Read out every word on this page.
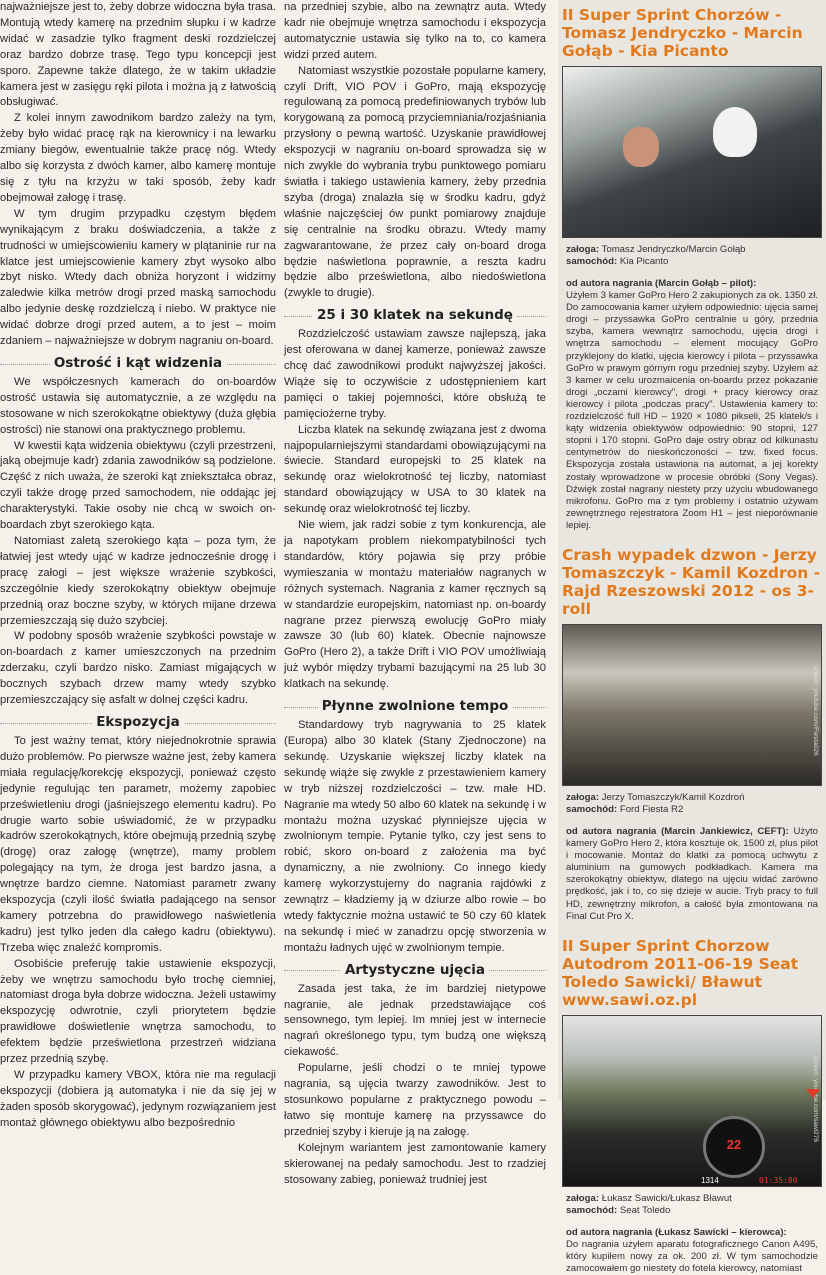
najważniejsze jest to, żeby dobrze widoczna była trasa. Montują wtedy kamerę na przednim słupku i w kadrze widać w zasadzie tylko fragment deski rozdzielczej oraz bardzo dobrze trasę. Tego typu koncepcji jest sporo. Zapewne także dlatego, że w takim układzie kamera jest w zasięgu ręki pilota i można ją z łatwością obsługiwać.

Z kolei innym zawodnikom bardzo zależy na tym, żeby było widać pracę rąk na kierownicy i na lewarku zmiany biegów, ewentualnie także pracę nóg. Wtedy albo się korzysta z dwóch kamer, albo kamerę montuje się z tyłu na krzyżu w taki sposób, żeby kadr obejmował załogę i trasę.

W tym drugim przypadku częstym błędem wynikającym z braku doświadczenia, a także z trudności w umiejscowieniu kamery w plątaninie rur na klatce jest umiejscowienie kamery zbyt wysoko albo zbyt nisko. Wtedy dach obniża horyzont i widzimy zaledwie kilka metrów drogi przed maską samochodu albo jedynie deskę rozdzielczą i niebo. W praktyce nie widać dobrze drogi przed autem, a to jest – moim zdaniem – najważniejsze w dobrym nagraniu on-board.

Ostrość i kąt widzenia

We współczesnych kamerach do on-boardów ostrość ustawia się automatycznie, a ze względu na stosowane w nich szerokokątne obiektywy (duża głębia ostrości) nie stanowi ona praktycznego problemu.

W kwestii kąta widzenia obiektywu (czyli przestrzeni, jaką obejmuje kadr) zdania zawodników są podzielone. Część z nich uważa, że szeroki kąt zniekształca obraz, czyli także drogę przed samochodem, nie oddając jej charakterystyki. Takie osoby nie chcą w swoich on-boardach zbyt szerokiego kąta.

Natomiast zaletą szerokiego kąta – poza tym, że łatwiej jest wtedy ująć w kadrze jednocześnie drogę i pracę załogi – jest większe wrażenie szybkości, szczególnie kiedy szerokokątny obiektyw obejmuje przednią oraz boczne szyby, w których mijane drzewa przemieszczają się dużo szybciej.

W podobny sposób wrażenie szybkości powstaje w on-boardach z kamer umieszczonych na przednim zderzaku, czyli bardzo nisko. Zamiast migających w bocznych szybach drzew mamy wtedy szybko przemieszczający się asfalt w dolnej części kadru.

Ekspozycja

To jest ważny temat, który niejednokrotnie sprawia dużo problemów. Po pierwsze ważne jest, żeby kamera miała regulację/korekcję ekspozycji, ponieważ często jedynie regulując ten parametr, możemy zapobiec prześwietleniu drogi (jaśniejszego elementu kadru). Po drugie warto sobie uświadomić, że w przypadku kadrów szerokokątnych, które obejmują przednią szybę (drogę) oraz załogę (wnętrze), mamy problem polegający na tym, że droga jest bardzo jasna, a wnętrze bardzo ciemne. Natomiast parametr zwany ekspozycja (czyli ilość światła padającego na sensor kamery potrzebna do prawidłowego naświetlenia kadru) jest tylko jeden dla całego kadru (obiektywu). Trzeba więc znaleźć kompromis.

Osobiście preferuję takie ustawienie ekspozycji, żeby we wnętrzu samochodu było trochę ciemniej, natomiast droga była dobrze widoczna. Jeżeli ustawimy ekspozycję odwrotnie, czyli priorytetem będzie prawidłowe doświetlenie wnętrza samochodu, to efektem będzie prześwietlona przestrzeń widziana przez przednią szybę.

W przypadku kamery VBOX, która nie ma regulacji ekspozycji (dobiera ją automatyka i nie da się jej w żaden sposób skorygować), jedynym rozwiązaniem jest montaż głównego obiektywu albo bezpośrednio

na przedniej szybie, albo na zewnątrz auta. Wtedy kadr nie obejmuje wnętrza samochodu i ekspozycja automatycznie ustawia się tylko na to, co kamera widzi przed autem.

Natomiast wszystkie pozostałe popularne kamery, czyli Drift, VIO POV i GoPro, mają ekspozycję regulowaną za pomocą predefiniowanych trybów lub korygowaną za pomocą przyciemniania/rozjaśniania przysłony o pewną wartość. Uzyskanie prawidłowej ekspozycji w nagraniu on-board sprowadza się w nich zwykle do wybrania trybu punktowego pomiaru światła i takiego ustawienia kamery, żeby przednia szyba (droga) znalazła się w środku kadru, gdyż właśnie najczęściej ów punkt pomiarowy znajduje się centralnie na środku obrazu. Wtedy mamy zagwarantowane, że przez cały on-board droga będzie naświetlona poprawnie, a reszta kadru będzie albo prześwietlona, albo niedoświetlona (zwykle to drugie).

25 i 30 klatek na sekundę

Rozdzielczość ustawiam zawsze najlepszą, jaka jest oferowana w danej kamerze, ponieważ zawsze chcę dać zawodnikowi produkt najwyższej jakości. Wiąże się to oczywiście z udostępnieniem kart pamięci o takiej pojemności, które obsłużą te pamięciożerne tryby.

Liczba klatek na sekundę związana jest z dwoma najpopularniejszymi standardami obowiązującymi na świecie. Standard europejski to 25 klatek na sekundę oraz wielokrotność tej liczby, natomiast standard obowiązujący w USA to 30 klatek na sekundę oraz wielokrotność tej liczby.

Nie wiem, jak radzi sobie z tym konkurencja, ale ja napotykam problem niekompatybilności tych standardów, który pojawia się przy próbie wymieszania w montażu materiałów nagranych w różnych systemach. Nagrania z kamer ręcznych są w standardzie europejskim, natomiast np. on-boardy nagrane przez pierwszą ewolucję GoPro miały zawsze 30 (lub 60) klatek. Obecnie najnowsze GoPro (Hero 2), a także Drift i VIO POV umożliwiają już wybór między trybami bazującymi na 25 lub 30 klatkach na sekundę.

Płynne zwolnione tempo

Standardowy tryb nagrywania to 25 klatek (Europa) albo 30 klatek (Stany Zjednoczone) na sekundę. Uzyskanie większej liczby klatek na sekundę wiąże się zwykle z przestawieniem kamery w tryb niższej rozdzielczości – tzw. małe HD. Nagranie ma wtedy 50 albo 60 klatek na sekundę i w montażu można uzyskać płynniejsze ujęcia w zwolnionym tempie. Pytanie tylko, czy jest sens to robić, skoro on-board z założenia ma być dynamiczny, a nie zwolniony. Co innego kiedy kamerę wykorzystujemy do nagrania rajdówki z zewnątrz – kładziemy ją w dziurze albo rowie – bo wtedy faktycznie można ustawić te 50 czy 60 klatek na sekundę i mieć w zanadrzu opcję stworzenia w montażu ładnych ujęć w zwolnionym tempie.

Artystyczne ujęcia

Zasada jest taka, że im bardziej nietypowe nagranie, ale jednak przedstawiające coś sensownego, tym lepiej. Im mniej jest w internecie nagrań określonego typu, tym budzą one większą ciekawość.

Popularne, jeśli chodzi o te mniej typowe nagrania, są ujęcia twarzy zawodników. Jest to stosunkowo popularne z praktycznego powodu – łatwo się montuje kamerę na przyssawce do przedniej szyby i kieruje ją na załogę.

Kolejnym wariantem jest zamontowanie kamery skierowanej na pedały samochodu. Jest to rzadziej stosowany zabieg, ponieważ trudniej jest

II Super Sprint Chorzów - Tomasz Jendryczko - Marcin Gołąb - Kia Picanto
załoga: Tomasz Jendryczko/Marcin Gołąb
samochód: Kia Picanto
od autora nagrania (Marcin Gołąb – pilot):
Użyłem 3 kamer GoPro Hero 2 zakupionych za ok. 1350 zł. Do zamocowania kamer użyłem odpowiednio: ujęcia samej drogi – przyssawka GoPro centralnie u góry, przednia szyba, kamera wewnątrz samochodu, ujęcia drogi i wnętrza samochodu – element mocujący GoPro przyklejony do klatki, ujęcia kierowcy i pilota – przyssawka GoPro w prawym górnym rogu przedniej szyby. Użyłem aż 3 kamer w celu urozmaicenia on-boardu przez pokazanie drogi „oczami kierowcy", drogi + pracy kierowcy oraz kierowcy i pilota „podczas pracy". Ustawienia kamery to: rozdzielczość full HD – 1920 × 1080 pikseli, 25 klatek/s i kąty widzenia obiektywów odpowiednio: 90 stopni, 127 stopni i 170 stopni. GoPro daje ostry obraz od kilkunastu centymetrów do nieskończoności – tzw. fixed focus. Ekspozycja została ustawiona na automat, a jej korekty zostały wprowadzone w procesie obróbki (Sony Vegas). Dźwięk został nagrany niestety przy użyciu wbudowanego mikrofonu. GoPro ma z tym problemy i ostatnio używam zewnętrznego rejestratora Zoom H1 – jest nieporównanie lepiej.
Crash wypadek dzwon - Jerzy Tomaszczyk - Kamil Kozdron - Rajd Rzeszowski 2012 - os 3- roll
screen: youtube.com/Fiesta026
załoga: Jerzy Tomaszczyk/Kamil Kozdroń
samochód: Ford Fiesta R2
od autora nagrania (Marcin Jankiewicz, CEFT): Użyto kamery GoPro Hero 2, która kosztuje ok. 1500 zł, plus pilot i mocowanie. Montaż do klatki za pomocą uchwytu z aluminium na gumowych podkładkach. Kamera ma szerokokątny obiektyw, dlatego na ujęciu widać zarówno prędkość, jak i to, co się dzieje w aucie. Tryb pracy to full HD, zewnętrzny mikrofon, a całość była zmontowana na Final Cut Pro X.
II Super Sprint Chorzow Autodrom 2011-06-19 Seat Toledo Sawicki/ Bławut www.sawi.oz.pl
screen: youtube.com/sawi276
22
1314	01:35:80
załoga: Łukasz Sawicki/Łukasz Bławut
samochód: Seat Toledo
od autora nagrania (Łukasz Sawicki – kierowca):
Do nagrania użyłem aparatu fotograficznego Canon A495, który kupiłem nowy za ok. 200 zł. W tym samochodzie zamocowałem go niestety do fotela kierowcy, natomiast
